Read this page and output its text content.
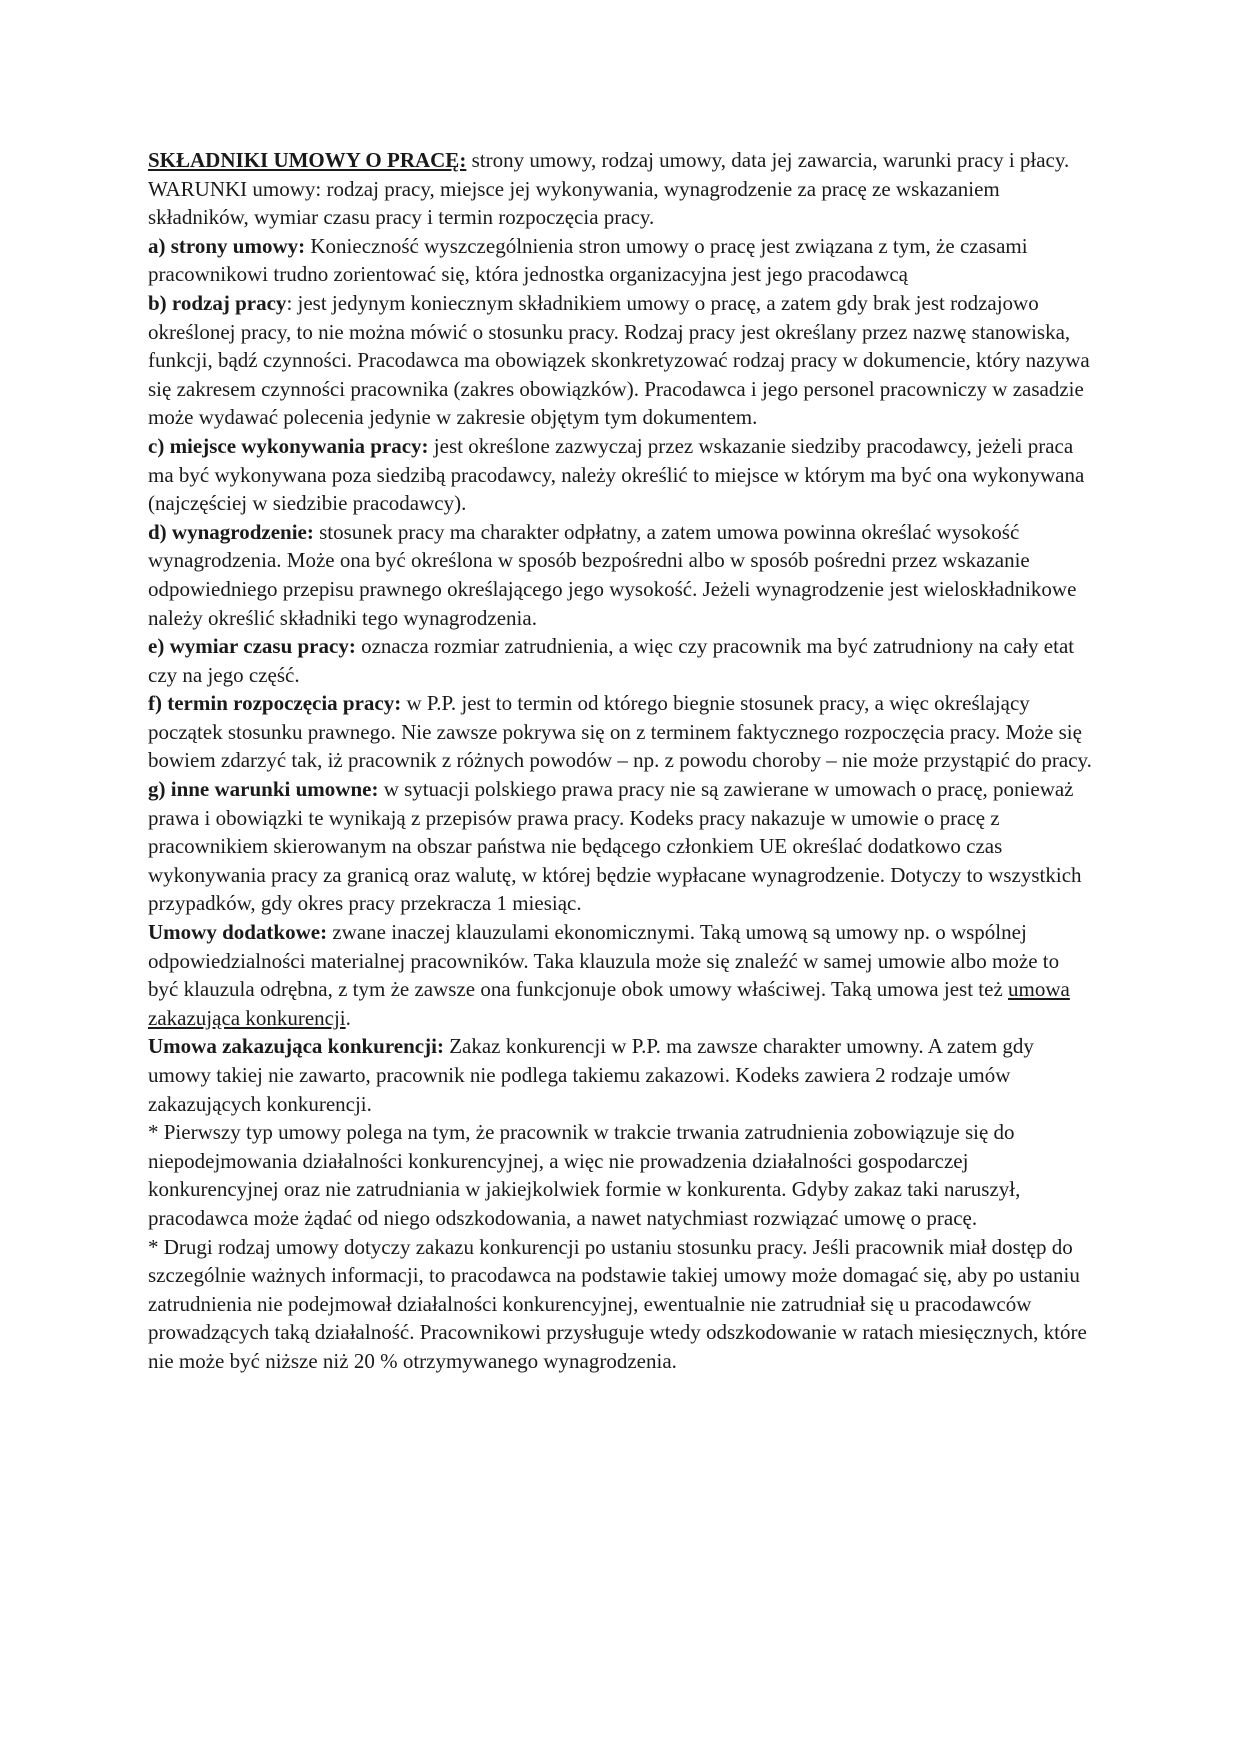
SKŁADNIKI UMOWY O PRACĘ: strony umowy, rodzaj umowy, data jej zawarcia, warunki pracy i płacy. WARUNKI umowy: rodzaj pracy, miejsce jej wykonywania, wynagrodzenie za pracę ze wskazaniem składników, wymiar czasu pracy i termin rozpoczęcia pracy.

a) strony umowy: Konieczność wyszczególnienia stron umowy o pracę jest związana z tym, że czasami pracownikowi trudno zorientować się, która jednostka organizacyjna jest jego pracodawcą

b) rodzaj pracy: jest jedynym koniecznym składnikiem umowy o pracę, a zatem gdy brak jest rodzajowo określonej pracy, to nie można mówić o stosunku pracy. Rodzaj pracy jest określany przez nazwę stanowiska, funkcji, bądź czynności. Pracodawca ma obowiązek skonkretyzować rodzaj pracy w dokumencie, który nazywa się zakresem czynności pracownika (zakres obowiązków). Pracodawca i jego personel pracowniczy w zasadzie może wydawać polecenia jedynie w zakresie objętym tym dokumentem.

c) miejsce wykonywania pracy: jest określone zazwyczaj przez wskazanie siedziby pracodawcy, jeżeli praca ma być wykonywana poza siedzibą pracodawcy, należy określić to miejsce w którym ma być ona wykonywana (najczęściej w siedzibie pracodawcy).

d) wynagrodzenie: stosunek pracy ma charakter odpłatny, a zatem umowa powinna określać wysokość wynagrodzenia. Może ona być określona w sposób bezpośredni albo w sposób pośredni przez wskazanie odpowiedniego przepisu prawnego określającego jego wysokość. Jeżeli wynagrodzenie jest wieloskładnikowe należy określić składniki tego wynagrodzenia.

e) wymiar czasu pracy: oznacza rozmiar zatrudnienia, a więc czy pracownik ma być zatrudniony na cały etat czy na jego część.

f) termin rozpoczęcia pracy: w P.P. jest to termin od którego biegnie stosunek pracy, a więc określający początek stosunku prawnego. Nie zawsze pokrywa się on z terminem faktycznego rozpoczęcia pracy. Może się bowiem zdarzyć tak, iż pracownik z różnych powodów – np. z powodu choroby – nie może przystąpić do pracy.

g) inne warunki umowne: w sytuacji polskiego prawa pracy nie są zawierane w umowach o pracę, ponieważ prawa i obowiązki te wynikają z przepisów prawa pracy. Kodeks pracy nakazuje w umowie o pracę z pracownikiem skierowanym na obszar państwa nie będącego członkiem UE określać dodatkowo czas wykonywania pracy za granicą oraz walutę, w której będzie wypłacane wynagrodzenie. Dotyczy to wszystkich przypadków, gdy okres pracy przekracza 1 miesiąc.

Umowy dodatkowe: zwane inaczej klauzulami ekonomicznymi. Taką umową są umowy np. o wspólnej odpowiedzialności materialnej pracowników. Taka klauzula może się znaleźć w samej umowie albo może to być klauzula odrębna, z tym że zawsze ona funkcjonuje obok umowy właściwej. Taką umowa jest też umowa zakazująca konkurencji.

Umowa zakazująca konkurencji: Zakaz konkurencji w P.P. ma zawsze charakter umowny. A zatem gdy umowy takiej nie zawarto, pracownik nie podlega takiemu zakazowi. Kodeks zawiera 2 rodzaje umów zakazujących konkurencji.

* Pierwszy typ umowy polega na tym, że pracownik w trakcie trwania zatrudnienia zobowiązuje się do niepodejmowania działalności konkurencyjnej, a więc nie prowadzenia działalności gospodarczej konkurencyjnej oraz nie zatrudniania w jakiejkolwiek formie w konkurenta. Gdyby zakaz taki naruszył, pracodawca może żądać od niego odszkodowania, a nawet natychmiast rozwiązać umowę o pracę.

* Drugi rodzaj umowy dotyczy zakazu konkurencji po ustaniu stosunku pracy. Jeśli pracownik miał dostęp do szczególnie ważnych informacji, to pracodawca na podstawie takiej umowy może domagać się, aby po ustaniu zatrudnienia nie podejmował działalności konkurencyjnej, ewentualnie nie zatrudniał się u pracodawców prowadzących taką działalność. Pracownikowi przysługuje wtedy odszkodowanie w ratach miesięcznych, które nie może być niższe niż 20 % otrzymywanego wynagrodzenia.
